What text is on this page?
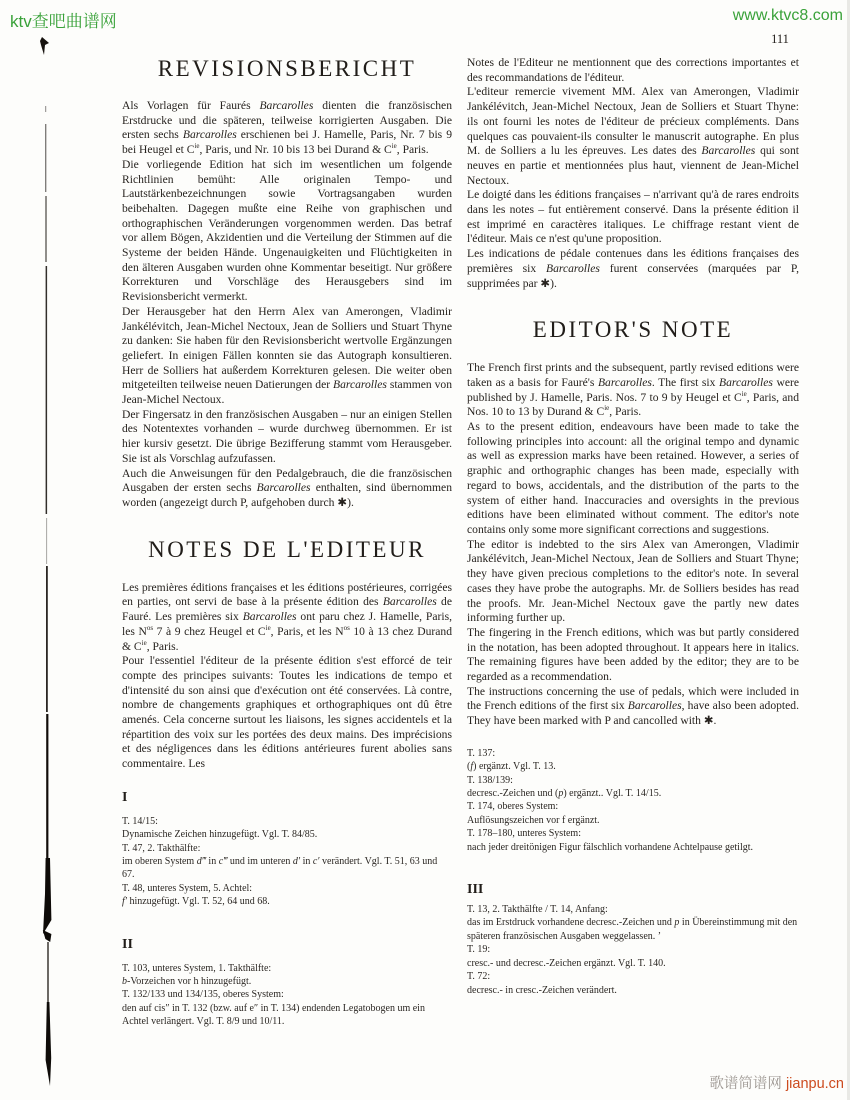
ktv查吧曲谱网	www.ktvc8.com
歌谱简谱网 jianpu.cn
111
REVISIONSBERICHT

Als Vorlagen für Faurés Barcarolles dienten die französischen Erstdrucke und die späteren, teilweise korrigierten Ausgaben. Die ersten sechs Barcarolles erschienen bei J. Hamelle, Paris, Nr. 7 bis 9 bei Heugel et $C^{ie}$, Paris, und Nr. 10 bis 13 bei Durand & $C^{ie}$, Paris.

Die vorliegende Edition hat sich im wesentlichen um folgende Richtlinien bemüht: Alle originalen Tempo- und Lautstärkenbezeichnungen sowie Vortragsangaben wurden beibehalten. Dagegen mußte eine Reihe von graphischen und orthographischen Veränderungen vorgenommen werden. Das betraf vor allem Bögen, Akzidentien und die Verteilung der Stimmen auf die Systeme der beiden Hände. Ungenauigkeiten und Flüchtigkeiten in den älteren Ausgaben wurden ohne Kommentar beseitigt. Nur größere Korrekturen und Vorschläge des Herausgebers sind im Revisionsbericht vermerkt.

Der Herausgeber hat den Herrn Alex van Amerongen, Vladimir Jankélévitch, Jean-Michel Nectoux, Jean de Solliers und Stuart Thyne zu danken: Sie haben für den Revisionsbericht wertvolle Ergänzungen geliefert. In einigen Fällen konnten sie das Autograph konsultieren. Herr de Solliers hat außerdem Korrekturen gelesen. Die weiter oben mitgeteilten teilweise neuen Datierungen der Barcarolles stammen von Jean-Michel Nectoux.

Der Fingersatz in den französischen Ausgaben – nur an einigen Stellen des Notentextes vorhanden – wurde durchweg übernommen. Er ist hier kursiv gesetzt. Die übrige Bezifferung stammt vom Herausgeber. Sie ist als Vorschlag aufzufassen.

Auch die Anweisungen für den Pedalgebrauch, die die französischen Ausgaben der ersten sechs Barcarolles enthalten, sind übernommen worden (angezeigt durch P, aufgehoben durch ✱).

NOTES DE L'EDITEUR

Les premières éditions françaises et les éditions postérieures, corrigées en parties, ont servi de base à la présente édition des Barcarolles de Fauré. Les premières six Barcarolles ont paru chez J. Hamelle, Paris, les $N^{os}$ 7 à 9 chez Heugel et $C^{ie}$, Paris, et les $N^{os}$ 10 à 13 chez Durand & $C^{ie}$, Paris.

Pour l'essentiel l'éditeur de la présente édition s'est efforcé de teir compte des principes suivants: Toutes les indications de tempo et d'intensité du son ainsi que d'exécution ont été conservées. Là contre, nombre de changements graphiques et orthographiques ont dû être amenés. Cela concerne surtout les liaisons, les signes accidentels et la répartition des voix sur les portées des deux mains. Des imprécisions et des négligences dans les éditions antérieures furent abolies sans commentaire. Les

I
T. 14/15:
Dynamische Zeichen hinzugefügt. Vgl. T. 84/85.
T. 47, 2. Takthälfte:
im oberen System d‴ in c‴ und im unteren d′ in c′ verändert. Vgl. T. 51, 63 und 67.
T. 48, unteres System, 5. Achtel:
f′ hinzugefügt. Vgl. T. 52, 64 und 68.
II
T. 103, unteres System, 1. Takthälfte:
b-Vorzeichen vor h hinzugefügt.
T. 132/133 und 134/135, oberes System:
den auf cis″ in T. 132 (bzw. auf e″ in T. 134) endenden Legatobogen um ein Achtel verlängert. Vgl. T. 8/9 und 10/11.

Notes de l'Editeur ne mentionnent que des corrections importantes et des recommandations de l'éditeur.

L'editeur remercie vivement MM. Alex van Amerongen, Vladimir Jankélévitch, Jean-Michel Nectoux, Jean de Solliers et Stuart Thyne: ils ont fourni les notes de l'éditeur de précieux compléments. Dans quelques cas pouvaient-ils consulter le manuscrit autographe. En plus M. de Solliers a lu les épreuves. Les dates des Barcarolles qui sont neuves en partie et mentionnées plus haut, viennent de Jean-Michel Nectoux.

Le doigté dans les éditions françaises – n'arrivant qu'à de rares endroits dans les notes – fut entièrement conservé. Dans la présente édition il est imprimé en caractères italiques. Le chiffrage restant vient de l'éditeur. Mais ce n'est qu'une proposition.

Les indications de pédale contenues dans les éditions françaises des premières six Barcarolles furent conservées (marquées par P, supprimées par ✱).

EDITOR'S NOTE

The French first prints and the subsequent, partly revised editions were taken as a basis for Fauré's Barcarolles. The first six Barcarolles were published by J. Hamelle, Paris. Nos. 7 to 9 by Heugel et $C^{ie}$, Paris, and Nos. 10 to 13 by Durand & $C^{ie}$, Paris.

As to the present edition, endeavours have been made to take the following principles into account: all the original tempo and dynamic as well as expression marks have been retained. However, a series of graphic and orthographic changes has been made, especially with regard to bows, accidentals, and the distribution of the parts to the system of either hand. Inaccuracies and oversights in the previous editions have been eliminated without comment. The editor's note contains only some more significant corrections and suggestions.

The editor is indebted to the sirs Alex van Amerongen, Vladimir Jankélévitch, Jean-Michel Nectoux, Jean de Solliers and Stuart Thyne; they have given precious completions to the editor's note. In several cases they have probe the autographs. Mr. de Solliers besides has read the proofs. Mr. Jean-Michel Nectoux gave the partly new dates informing further up.

The fingering in the French editions, which was but partly considered in the notation, has been adopted throughout. It appears here in italics. The remaining figures have been added by the editor; they are to be regarded as a recommendation.

The instructions concerning the use of pedals, which were included in the French editions of the first six Barcarolles, have also been adopted. They have been marked with P and cancolled with ✱.

T. 137:
(f) ergänzt. Vgl. T. 13.
T. 138/139:
decresc.-Zeichen und (p) ergänzt.. Vgl. T. 14/15.
T. 174, oberes System:
Auflösungszeichen vor f ergänzt.
T. 178–180, unteres System:
nach jeder dreitönigen Figur fälschlich vorhandene Achtelpause getilgt.
III
T. 13, 2. Takthälfte / T. 14, Anfang:
das im Erstdruck vorhandene decresc.-Zeichen und p in Übereinstimmung mit den späteren französischen Ausgaben weggelassen. ’
T. 19:
cresc.- und decresc.-Zeichen ergänzt. Vgl. T. 140.
T. 72:
decresc.- in cresc.-Zeichen verändert.
